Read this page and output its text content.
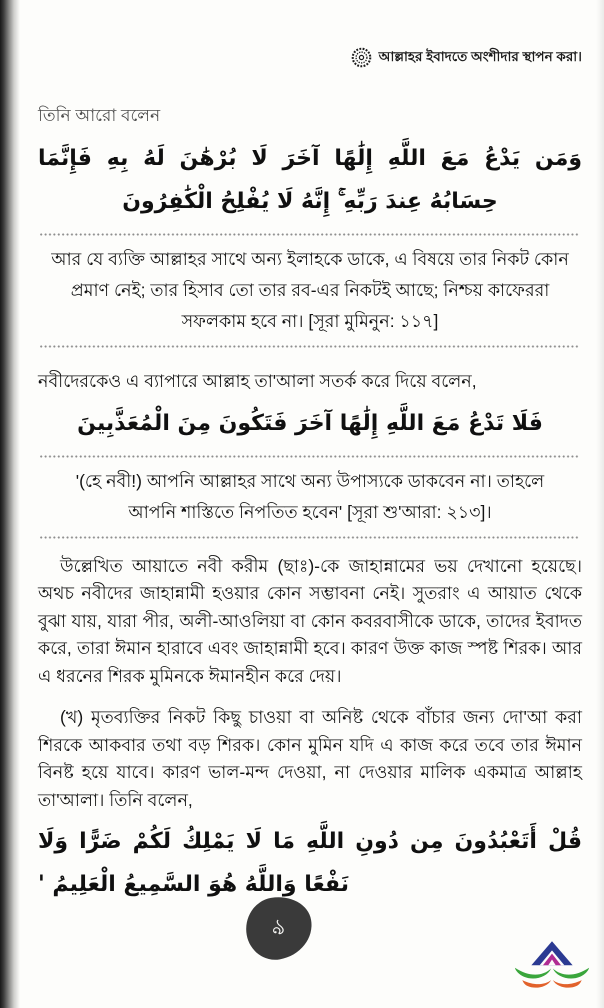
আল্লাহর ইবাদতে অংশীদার স্থাপন করা।

তিনি আরো বলেন

وَمَن يَدْعُ مَعَ اللَّهِ إِلَٰهًا آخَرَ لَا بُرْهَٰنَ لَهُ بِهِ فَإِنَّمَا حِسَابُهُ عِندَ رَبِّهِ ۚ إِنَّهُ لَا يُفْلِحُ الْكَٰفِرُونَ

আর যে ব্যক্তি আল্লাহর সাথে অন্য ইলাহকে ডাকে, এ বিষয়ে তার নিকট কোন প্রমাণ নেই; তার হিসাব তো তার রব-এর নিকটই আছে; নিশ্চয় কাফেররা সফলকাম হবে না। [সূরা মুমিনুন: ১১৭]

নবীদেরকেও এ ব্যাপারে আল্লাহ তা'আলা সতর্ক করে দিয়ে বলেন,

فَلَا تَدْعُ مَعَ اللَّهِ إِلَٰهًا آخَرَ فَتَكُونَ مِنَ الْمُعَذَّبِينَ

'(হে নবী!) আপনি আল্লাহর সাথে অন্য উপাস্যকে ডাকবেন না। তাহলে আপনি শাস্তিতে নিপতিত হবেন' [সূরা শু'আরা: ২১৩]।

উল্লেখিত আয়াতে নবী করীম (ছাঃ)-কে জাহান্নামের ভয় দেখানো হয়েছে। অথচ নবীদের জাহান্নামী হওয়ার কোন সম্ভাবনা নেই। সুতরাং এ আয়াত থেকে বুঝা যায়, যারা পীর, অলী-আওলিয়া বা কোন কবরবাসীকে ডাকে, তাদের ইবাদত করে, তারা ঈমান হারাবে এবং জাহান্নামী হবে। কারণ উক্ত কাজ স্পষ্ট শিরক। আর এ ধরনের শিরক মুমিনকে ঈমানহীন করে দেয়।

(খ) মৃতব্যক্তির নিকট কিছু চাওয়া বা অনিষ্ট থেকে বাঁচার জন্য দো'আ করা শিরকে আকবার তথা বড় শিরক। কোন মুমিন যদি এ কাজ করে তবে তার ঈমান বিনষ্ট হয়ে যাবে। কারণ ভাল-মন্দ দেওয়া, না দেওয়ার মালিক একমাত্র আল্লাহ তা'আলা। তিনি বলেন,

قُلْ أَتَعْبُدُونَ مِن دُونِ اللَّهِ مَا لَا يَمْلِكُ لَكُمْ ضَرًّا وَلَا نَفْعًا وَاللَّهُ هُوَ السَّمِيعُ الْعَلِيمُ '
৯
